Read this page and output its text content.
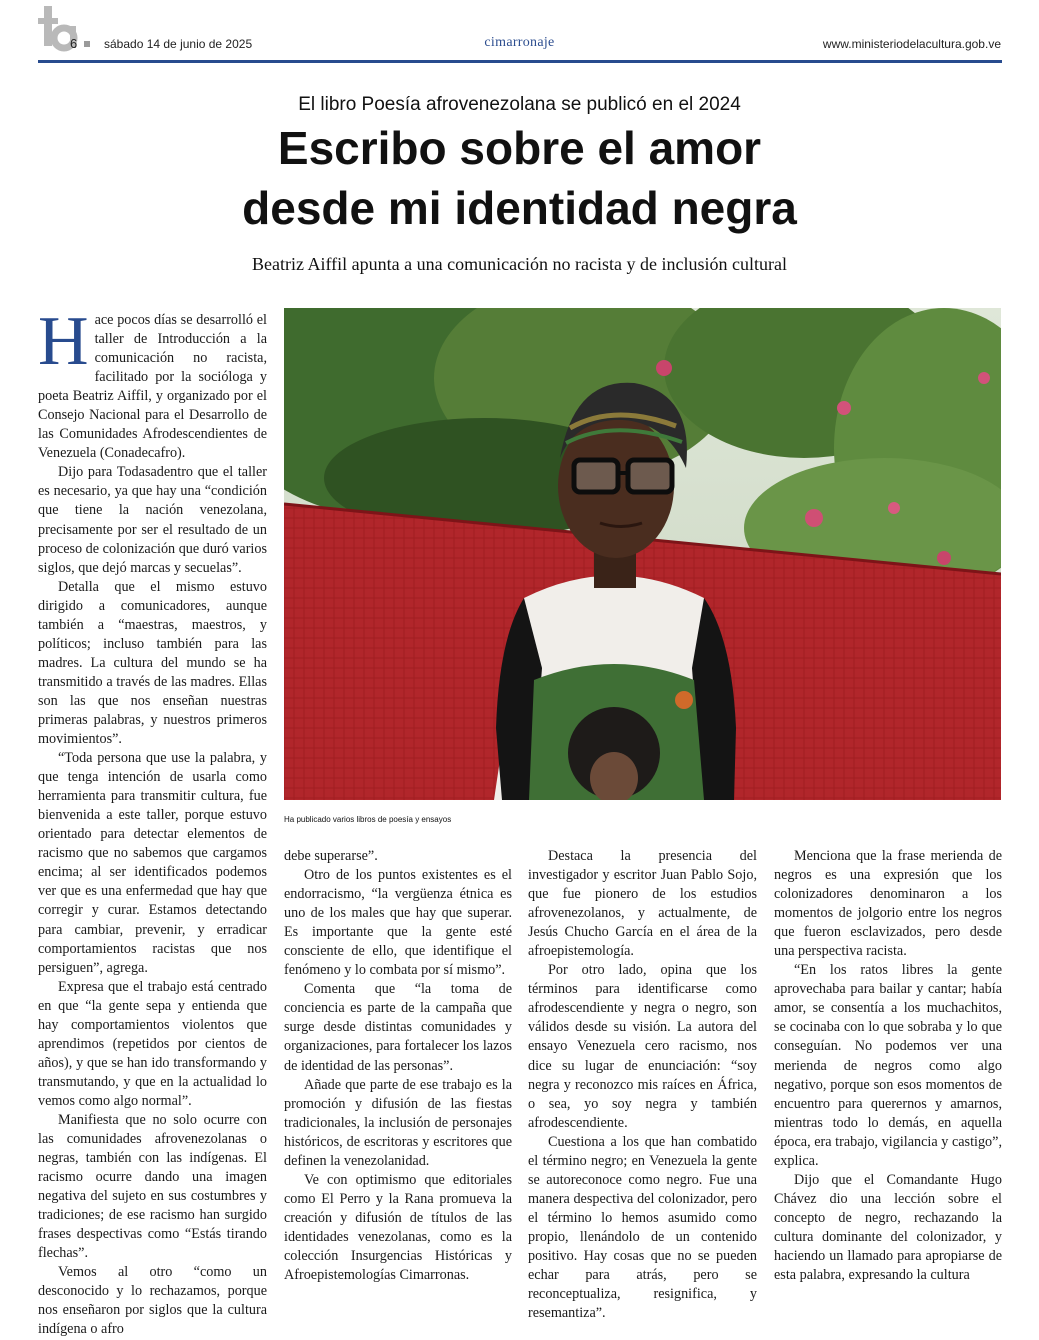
6 sábado 14 de junio de 2025	cimarronaje	www.ministeriodelacultura.gob.ve
El libro Poesía afrovenezolana se publicó en el 2024
Escribo sobre el amor
desde mi identidad negra
Beatriz Aiffil apunta a una comunicación no racista y de inclusión cultural

Hace pocos días se desarrolló el taller de Introducción a la comunicación no racista, facilitado por la socióloga y poeta Beatriz Aiffil, y organizado por el Consejo Nacional para el Desarrollo de las Comunidades Afrodescendientes de Venezuela (Conadecafro).

Dijo para Todasadentro que el taller es necesario, ya que hay una “condición que tiene la nación venezolana, precisamente por ser el resultado de un proceso de colonización que duró varios siglos, que dejó marcas y secuelas”.

Detalla que el mismo estuvo dirigido a comunicadores, aunque también a “maestras, maestros, y políticos; incluso también para las madres. La cultura del mundo se ha transmitido a través de las madres. Ellas son las que nos enseñan nuestras primeras palabras, y nuestros primeros movimientos”.

“Toda persona que use la palabra, y que tenga intención de usarla como herramienta para transmitir cultura, fue bienvenida a este taller, porque estuvo orientado para detectar elementos de racismo que no sabemos que cargamos encima; al ser identificados podemos ver que es una enfermedad que hay que corregir y curar. Estamos detectando para cambiar, prevenir, y erradicar comportamientos racistas que nos persiguen”, agrega.

Expresa que el trabajo está centrado en que “la gente sepa y entienda que hay comportamientos violentos que aprendimos (repetidos por cientos de años), y que se han ido transformando y transmutando, y que en la actualidad lo vemos como algo normal”.

Manifiesta que no solo ocurre con las comunidades afrovenezolanas o negras, también con las indígenas. El racismo ocurre dando una imagen negativa del sujeto en sus costumbres y tradiciones; de ese racismo han surgido frases despectivas como “Estás tirando flechas”.

Vemos al otro “como un desconocido y lo rechazamos, porque nos enseñaron por siglos que la cultura indígena o afro

Ha publicado varios libros de poesía y ensayos

debe superarse”.

Otro de los puntos existentes es el endorracismo, “la vergüenza étnica es uno de los males que hay que superar. Es importante que la gente esté consciente de ello, que identifique el fenómeno y lo combata por sí mismo”.

Comenta que “la toma de conciencia es parte de la campaña que surge desde distintas comunidades y organizaciones, para fortalecer los lazos de identidad de las personas”.

Añade que parte de ese trabajo es la promoción y difusión de las fiestas tradicionales, la inclusión de personajes históricos, de escritoras y escritores que definen la venezolanidad.

Ve con optimismo que editoriales como El Perro y la Rana promueva la creación y difusión de títulos de las identidades venezolanas, como es la colección Insurgencias Históricas y Afroepistemologías Cimarronas.

Destaca la presencia del investigador y escritor Juan Pablo Sojo, que fue pionero de los estudios afrovenezolanos, y actualmente, de Jesús Chucho García en el área de la afroepistemología.

Por otro lado, opina que los términos para identificarse como afrodescendiente y negra o negro, son válidos desde su visión. La autora del ensayo Venezuela cero racismo, nos dice su lugar de enunciación: “soy negra y reconozco mis raíces en África, o sea, yo soy negra y también afrodescendiente.

Cuestiona a los que han combatido el término negro; en Venezuela la gente se autoreconoce como negro. Fue una manera despectiva del colonizador, pero el término lo hemos asumido como propio, llenándolo de un contenido positivo. Hay cosas que no se pueden echar para atrás, pero se reconceptualiza, resignifica, y resemantiza”.

Menciona que la frase merienda de negros es una expresión que los colonizadores denominaron a los momentos de jolgorio entre los negros que fueron esclavizados, pero desde una perspectiva racista.

“En los ratos libres la gente aprovechaba para bailar y cantar; había amor, se consentía a los muchachitos, se cocinaba con lo que sobraba y lo que conseguían. No podemos ver una merienda de negros como algo negativo, porque son esos momentos de encuentro para querernos y amarnos, mientras todo lo demás, en aquella época, era trabajo, vigilancia y castigo”, explica.

Dijo que el Comandante Hugo Chávez dio una lección sobre el concepto de negro, rechazando la cultura dominante del colonizador, y haciendo un llamado para apropiarse de esta palabra, expresando la cultura
